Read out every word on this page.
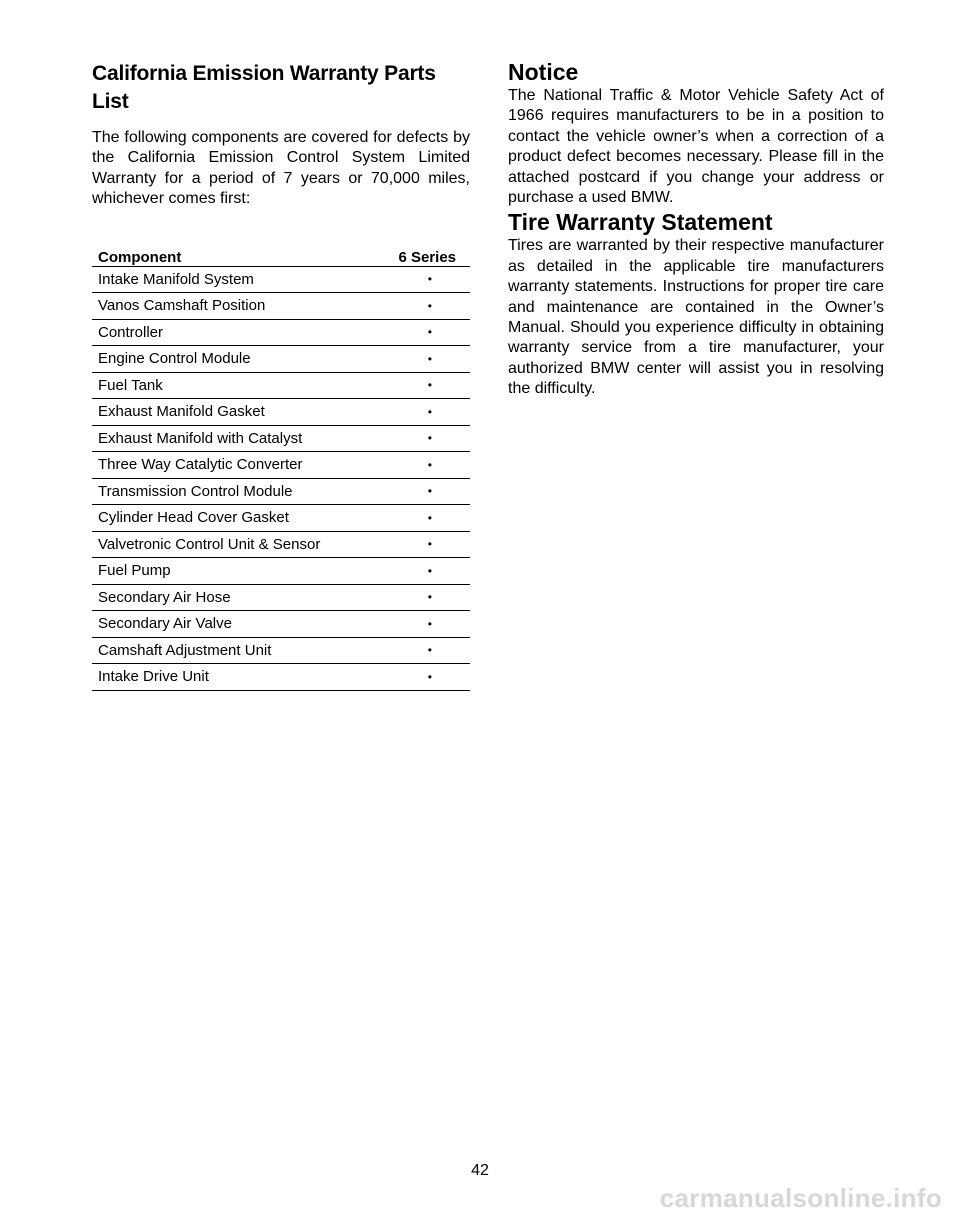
California Emission Warranty Parts List

The following components are covered for defects by the California Emission Control System Limited Warranty for a period of 7 years or 70,000 miles, whichever comes first:

Component	6 Series
Intake Manifold System	•
Vanos Camshaft Position	•
Controller	•
Engine Control Module	•
Fuel Tank	•
Exhaust Manifold Gasket	•
Exhaust Manifold with Catalyst	•
Three Way Catalytic Converter	•
Transmission Control Module	•
Cylinder Head Cover Gasket	•
Valvetronic Control Unit & Sensor	•
Fuel Pump	•
Secondary Air Hose	•
Secondary Air Valve	•
Camshaft Adjustment Unit	•
Intake Drive Unit	•
Notice

The National Traffic & Motor Vehicle Safety Act of 1966 requires manufacturers to be in a position to contact the vehicle owner’s when a correction of a product defect becomes necessary. Please fill in the attached postcard if you change your address or purchase a used BMW.

Tire Warranty Statement

Tires are warranted by their respective manufacturer as detailed in the applicable tire manufacturers warranty statements. Instructions for proper tire care and maintenance are contained in the Owner’s Manual. Should you experience difficulty in obtaining warranty service from a tire manufacturer, your authorized BMW center will assist you in resolving the difficulty.

42
carmanualsonline.info
